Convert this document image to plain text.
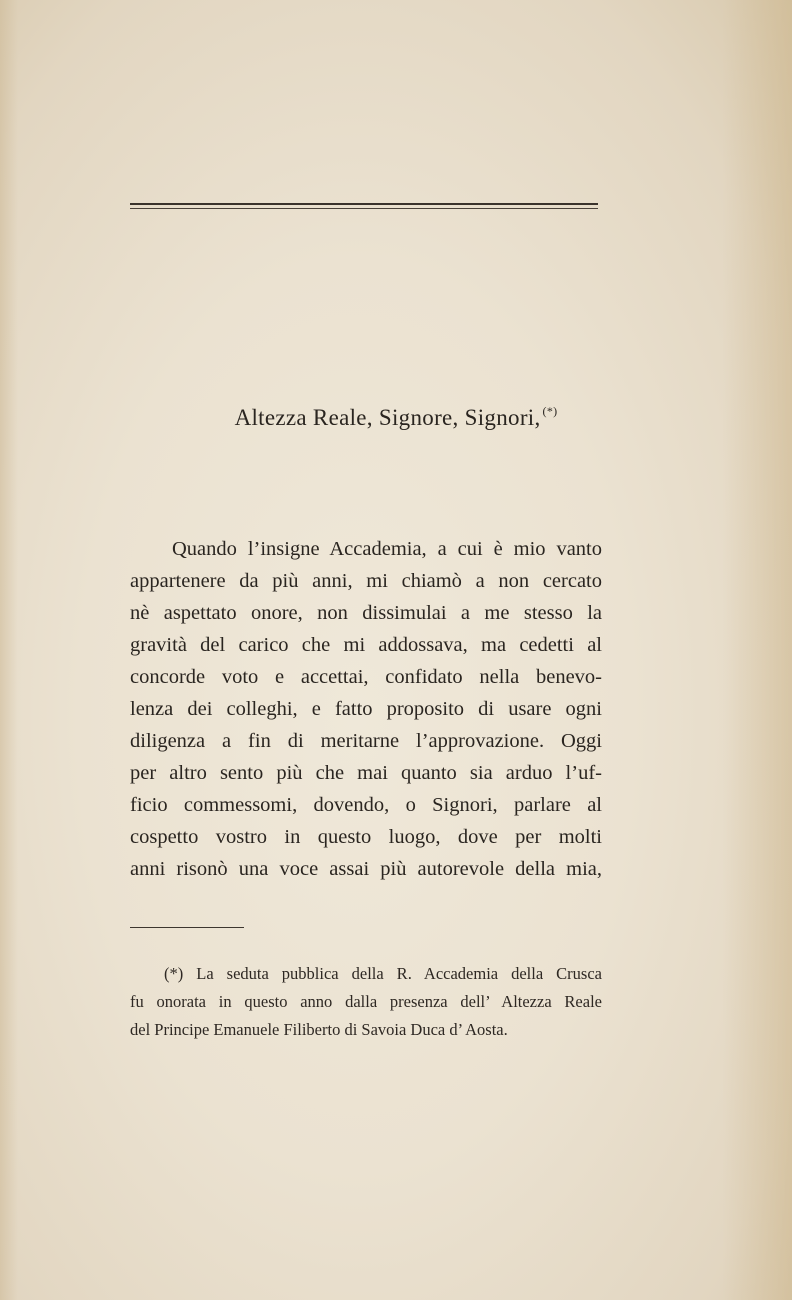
Altezza Reale, Signore, Signori, (*)
Quando l’insigne Accademia, a cui è mio vanto
appartenere da più anni, mi chiamò a non cercato
nè aspettato onore, non dissimulai a me stesso la
gravità del carico che mi addossava, ma cedetti al
concorde voto e accettai, confidato nella benevo-
lenza dei colleghi, e fatto proposito di usare ogni
diligenza a fin di meritarne l’approvazione. Oggi
per altro sento più che mai quanto sia arduo l’uf-
ficio commessomi, dovendo, o Signori, parlare al
cospetto vostro in questo luogo, dove per molti
anni risonò una voce assai più autorevole della mia,
(*) La seduta pubblica della R. Accademia della Crusca
fu onorata in questo anno dalla presenza dell’ Altezza Reale
del Principe Emanuele Filiberto di Savoia Duca d’ Aosta.
